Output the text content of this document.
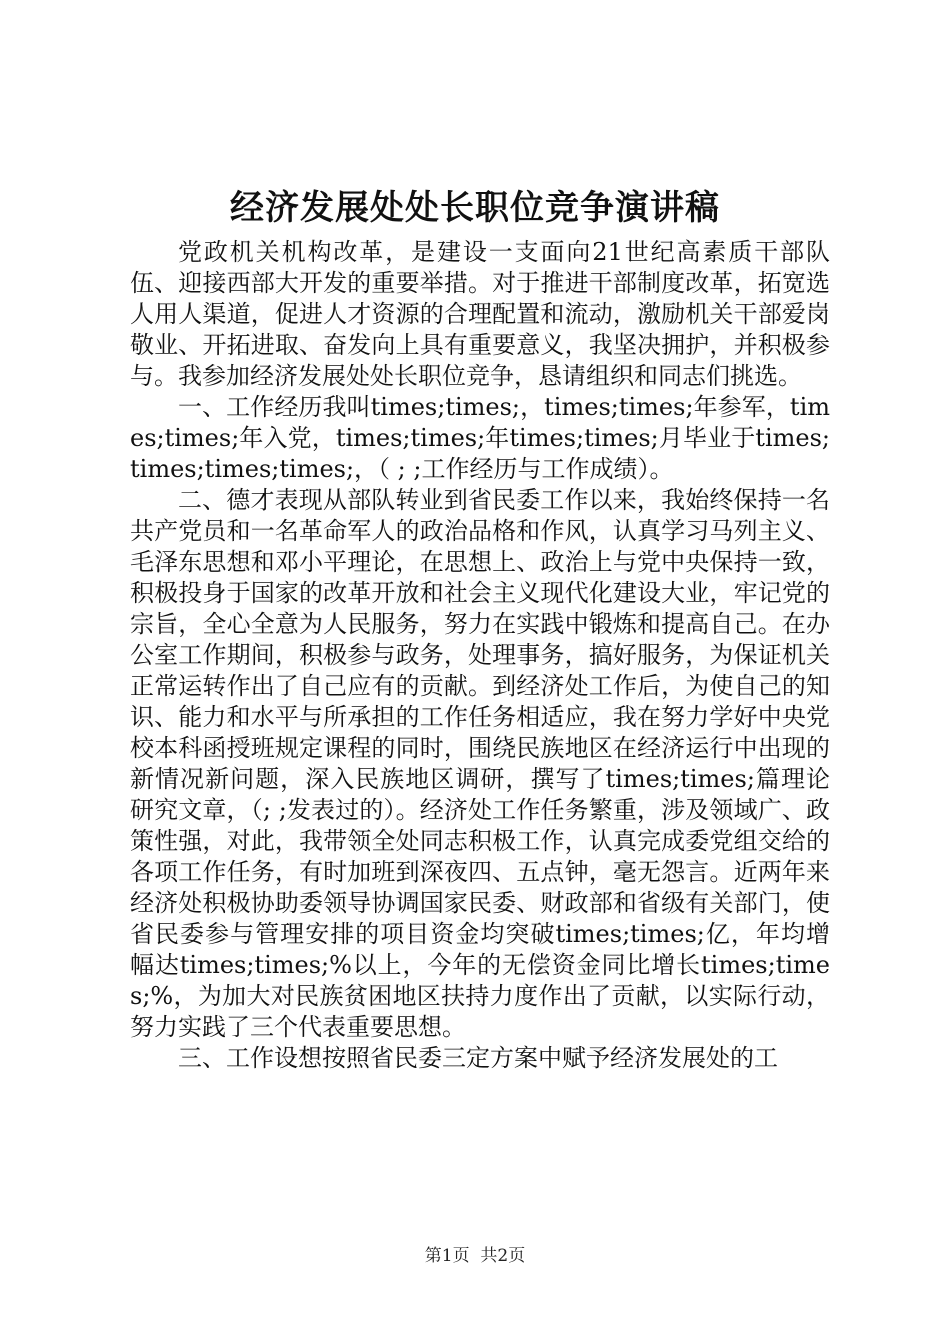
经济发展处处长职位竞争演讲稿

党政机关机构改革，是建设一支面向21世纪高素质干部队伍、迎接西部大开发的重要举措。对于推进干部制度改革，拓宽选人用人渠道，促进人才资源的合理配置和流动，激励机关干部爱岗敬业、开拓进取、奋发向上具有重要意义，我坚决拥护，并积极参与。我参加经济发展处处长职位竞争，恳请组织和同志们挑选。

一、工作经历我叫times;times;，times;times;年参军，times;times;年入党，times;times;年times;times;月毕业于times;times;times;times;，（ ; ;工作经历与工作成绩）。

二、德才表现从部队转业到省民委工作以来，我始终保持一名共产党员和一名革命军人的政治品格和作风，认真学习马列主义、毛泽东思想和邓小平理论，在思想上、政治上与党中央保持一致，积极投身于国家的改革开放和社会主义现代化建设大业，牢记党的宗旨，全心全意为人民服务，努力在实践中锻炼和提高自己。在办公室工作期间，积极参与政务，处理事务，搞好服务，为保证机关正常运转作出了自己应有的贡献。到经济处工作后，为使自己的知识、能力和水平与所承担的工作任务相适应，我在努力学好中央党校本科函授班规定课程的同时，围绕民族地区在经济运行中出现的新情况新问题，深入民族地区调研，撰写了times;times;篇理论研究文章，（; ;发表过的）。经济处工作任务繁重，涉及领域广、政策性强，对此，我带领全处同志积极工作，认真完成委党组交给的各项工作任务，有时加班到深夜四、五点钟，毫无怨言。近两年来经济处积极协助委领导协调国家民委、财政部和省级有关部门，使省民委参与管理安排的项目资金均突破times;times;亿，年均增幅达times;times;%以上，今年的无偿资金同比增长times;times;%，为加大对民族贫困地区扶持力度作出了贡献，以实际行动，努力实践了三个代表重要思想。

三、工作设想按照省民委三定方案中赋予经济发展处的工

第1页 共2页
